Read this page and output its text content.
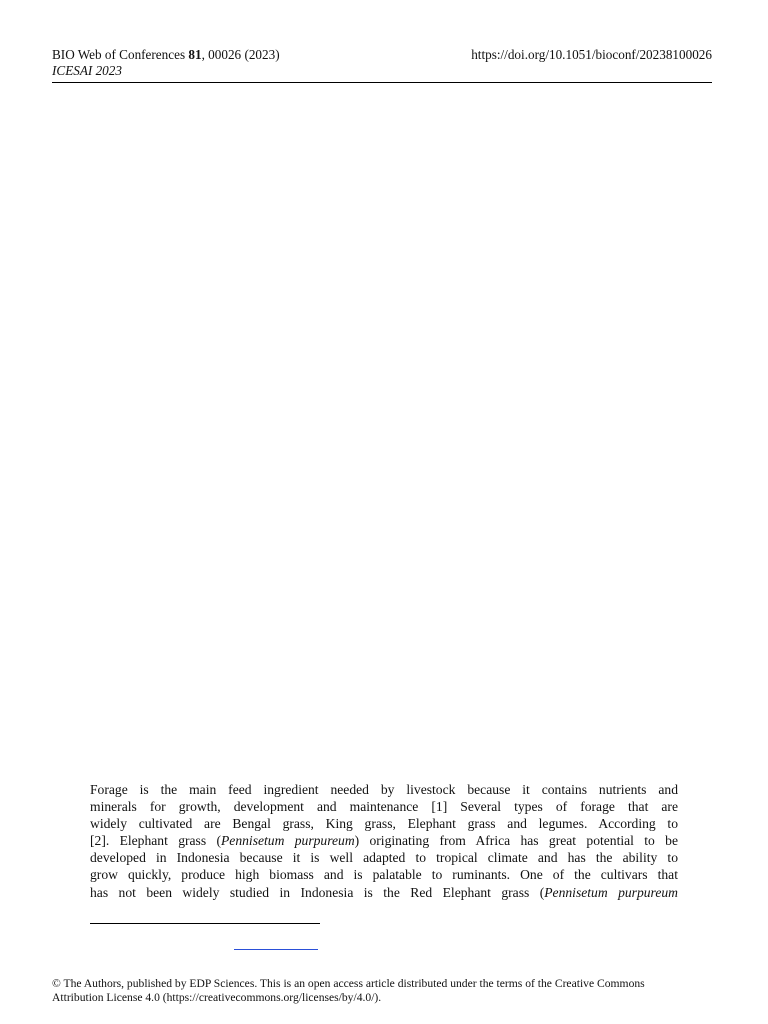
BIO Web of Conferences 81, 00026 (2023)	https://doi.org/10.1051/bioconf/20238100026
ICESAI 2023
Forage is the main feed ingredient needed by livestock because it contains nutrients and
minerals for growth, development and maintenance [1] Several types of forage that are
widely cultivated are Bengal grass, King grass, Elephant grass and legumes. According to
[2]. Elephant grass (Pennisetum purpureum) originating from Africa has great potential to be
developed in Indonesia because it is well adapted to tropical climate and has the ability to
grow quickly, produce high biomass and is palatable to ruminants. One of the cultivars that
has not been widely studied in Indonesia is the Red Elephant grass (Pennisetum purpureum
© The Authors, published by EDP Sciences. This is an open access article distributed under the terms of the Creative Commons
Attribution License 4.0 (https://creativecommons.org/licenses/by/4.0/).
